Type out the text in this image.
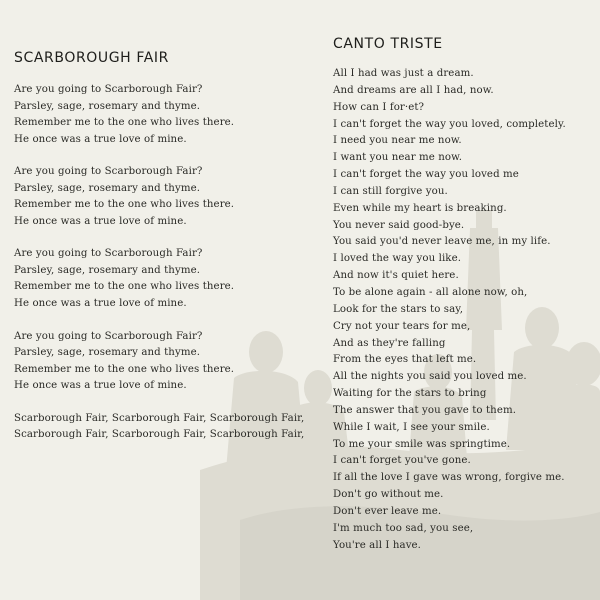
SCARBOROUGH FAIR
Are you going to Scarborough Fair?
Parsley, sage, rosemary and thyme.
Remember me to the one who lives there.
He once was a true love of mine.
Are you going to Scarborough Fair?
Parsley, sage, rosemary and thyme.
Remember me to the one who lives there.
He once was a true love of mine.
Are you going to Scarborough Fair?
Parsley, sage, rosemary and thyme.
Remember me to the one who lives there.
He once was a true love of mine.
Are you going to Scarborough Fair?
Parsley, sage, rosemary and thyme.
Remember me to the one who lives there.
He once was a true love of mine.
Scarborough Fair, Scarborough Fair, Scarborough Fair,
Scarborough Fair, Scarborough Fair, Scarborough Fair,
CANTO TRISTE
All I had was just a dream.
And dreams are all I had, now.
How can I for·et?
I can't forget the way you loved, completely.
I need you near me now.
I want you near me now.
I can't forget the way you loved me
I can still forgive you.
Even while my heart is breaking.
You never said good-bye.
You said you'd never leave me, in my life.
I loved the way you like.
And now it's quiet here.
To be alone again - all alone now, oh,
Look for the stars to say,
Cry not your tears for me,
And as they're falling
From the eyes that left me.
All the nights you said you loved me.
Waiting for the stars to bring
The answer that you gave to them.
While I wait, I see your smile.
To me your smile was springtime.
I can't forget you've gone.
If all the love I gave was wrong, forgive me.
Don't go without me.
Don't ever leave me.
I'm much too sad, you see,
You're all I have.
